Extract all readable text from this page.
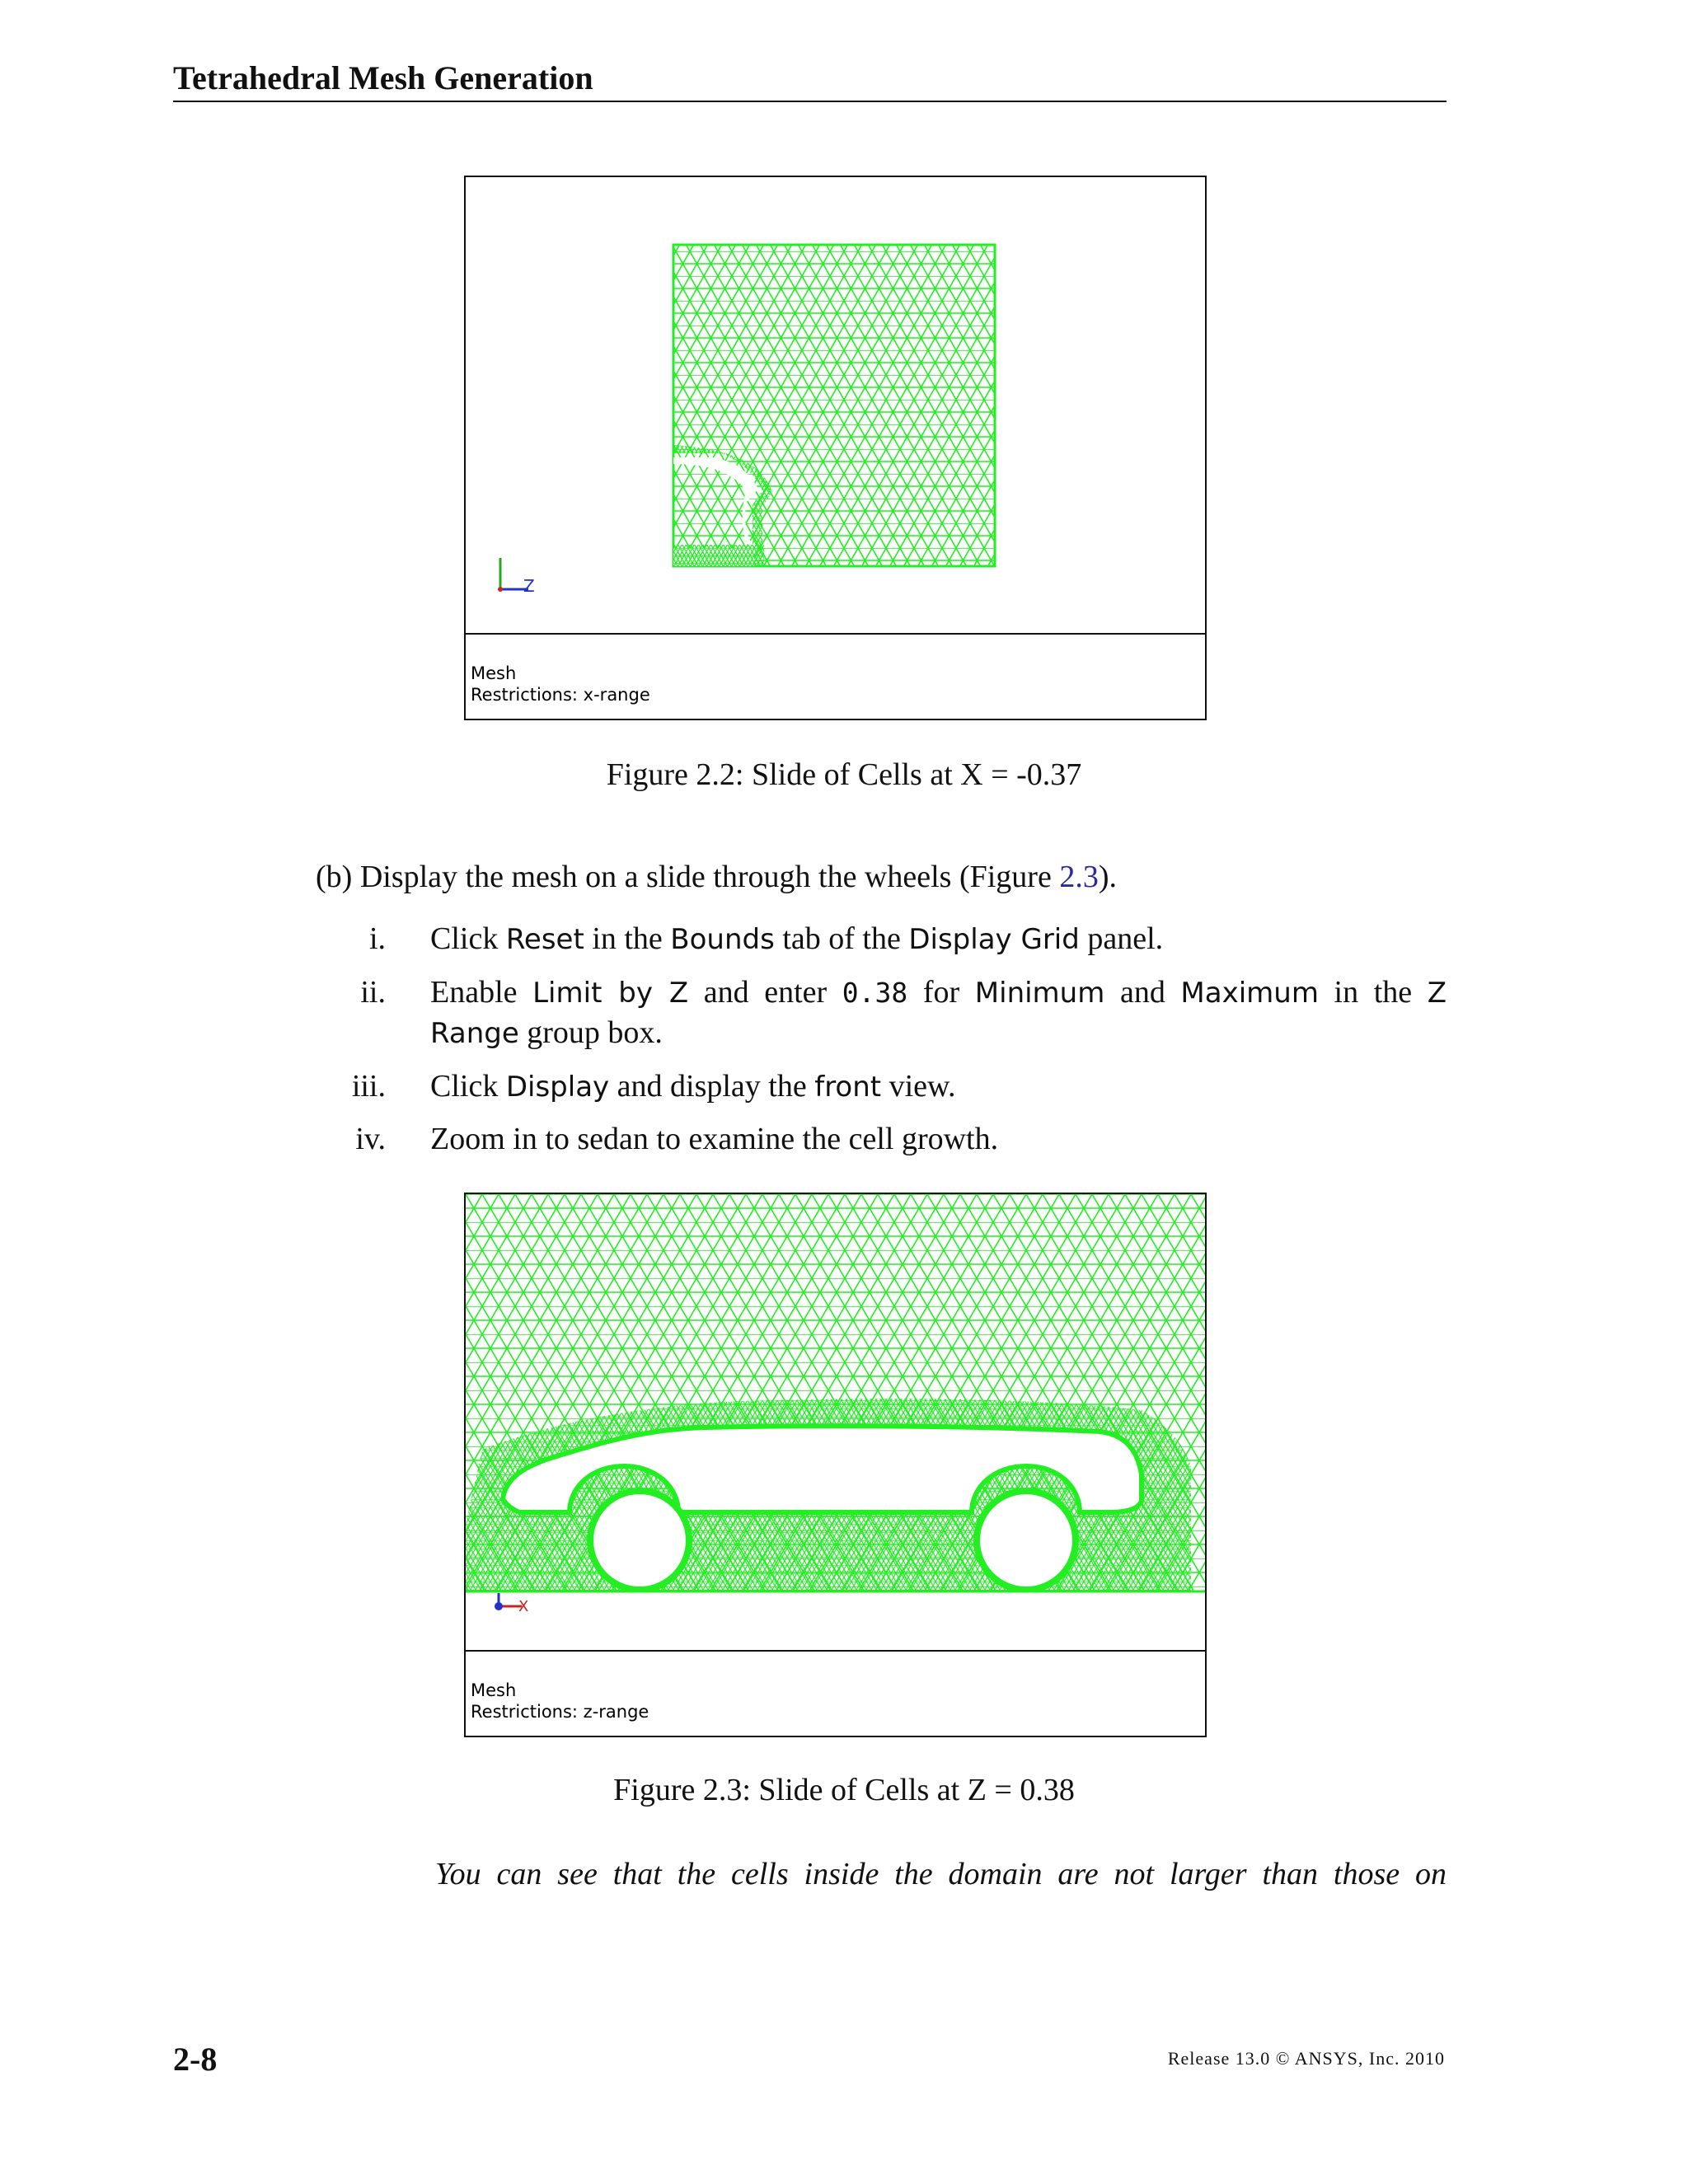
Tetrahedral Mesh Generation
Z
Mesh
Restrictions: x-range
Figure 2.2: Slide of Cells at X = -0.37
(b) Display the mesh on a slide through the wheels (Figure 2.3).
i. Click Reset in the Bounds tab of the Display Grid panel.
ii. Enable Limit by Z and enter 0.38 for Minimum and Maximum in the Z Range group box.
iii. Click Display and display the front view.
iv. Zoom in to sedan to examine the cell growth.
X
Mesh
Restrictions: z-range
Figure 2.3: Slide of Cells at Z = 0.38
You can see that the cells inside the domain are not larger than those on
2-8	Release 13.0 © ANSYS, Inc. 2010
